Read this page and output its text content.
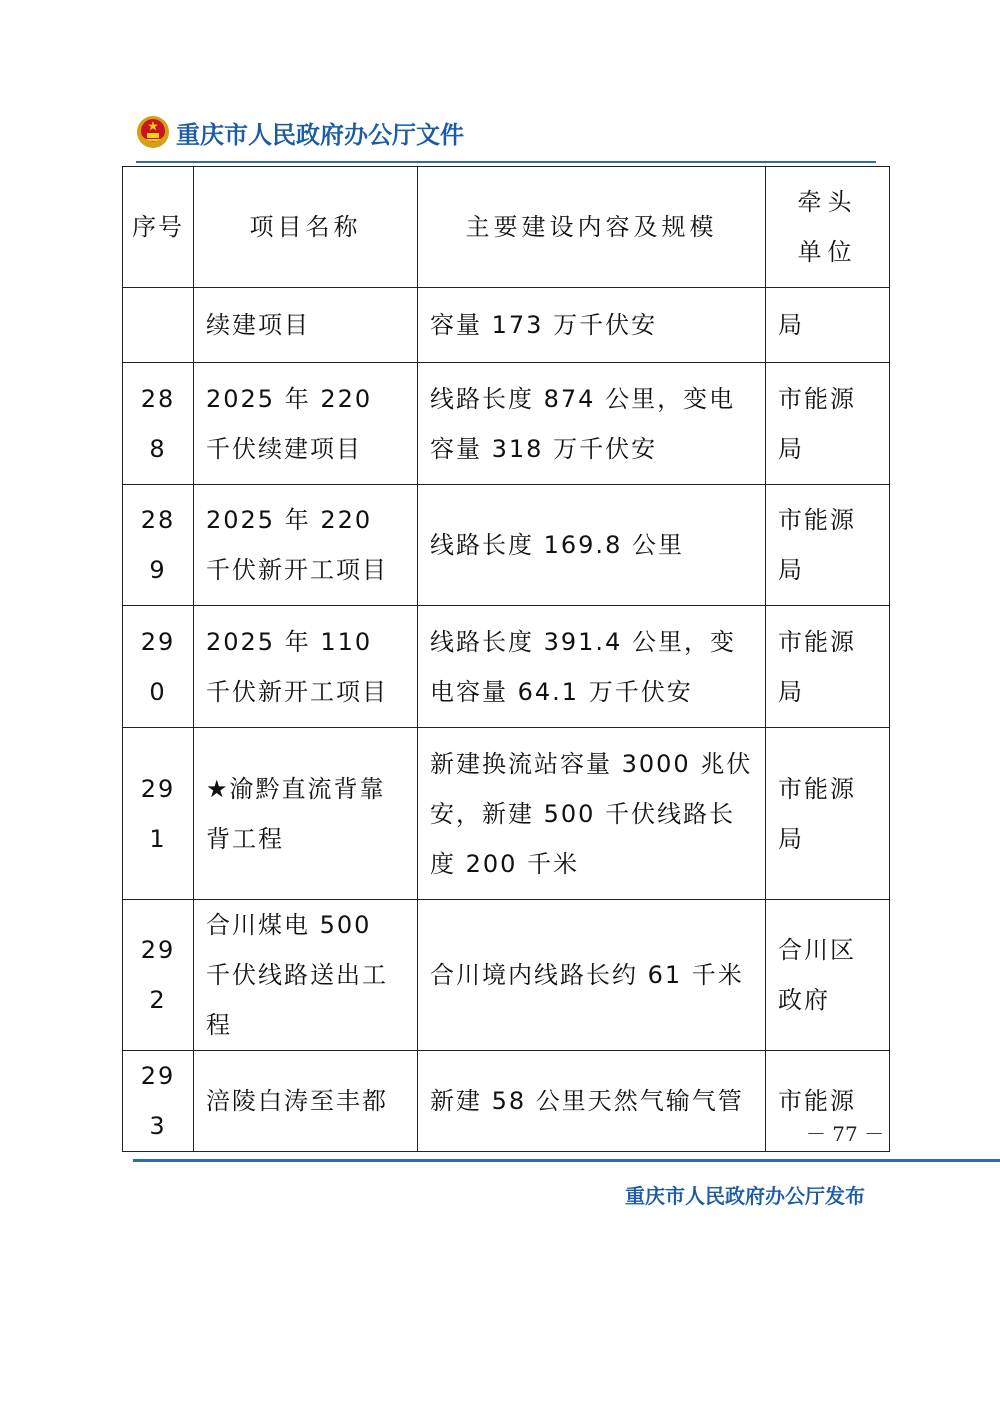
重庆市人民政府办公厅文件
序号	项目名称	主要建设内容及规模	牵头单位
	续建项目	容量 173 万千伏安	局
288	2025 年 220 千伏续建项目	线路长度 874 公里，变电容量 318 万千伏安	市能源局
289	2025 年 220 千伏新开工项目	线路长度 169.8 公里	市能源局
290	2025 年 110 千伏新开工项目	线路长度 391.4 公里，变电容量 64.1 万千伏安	市能源局
291	★渝黔直流背靠背工程	新建换流站容量 3000 兆伏安，新建 500 千伏线路长度 200 千米	市能源局
292	合川煤电 500 千伏线路送出工程	合川境内线路长约 61 千米	合川区政府
293	涪陵白涛至丰都	新建 58 公里天然气输气管	市能源
－ 77 －
重庆市人民政府办公厅发布
